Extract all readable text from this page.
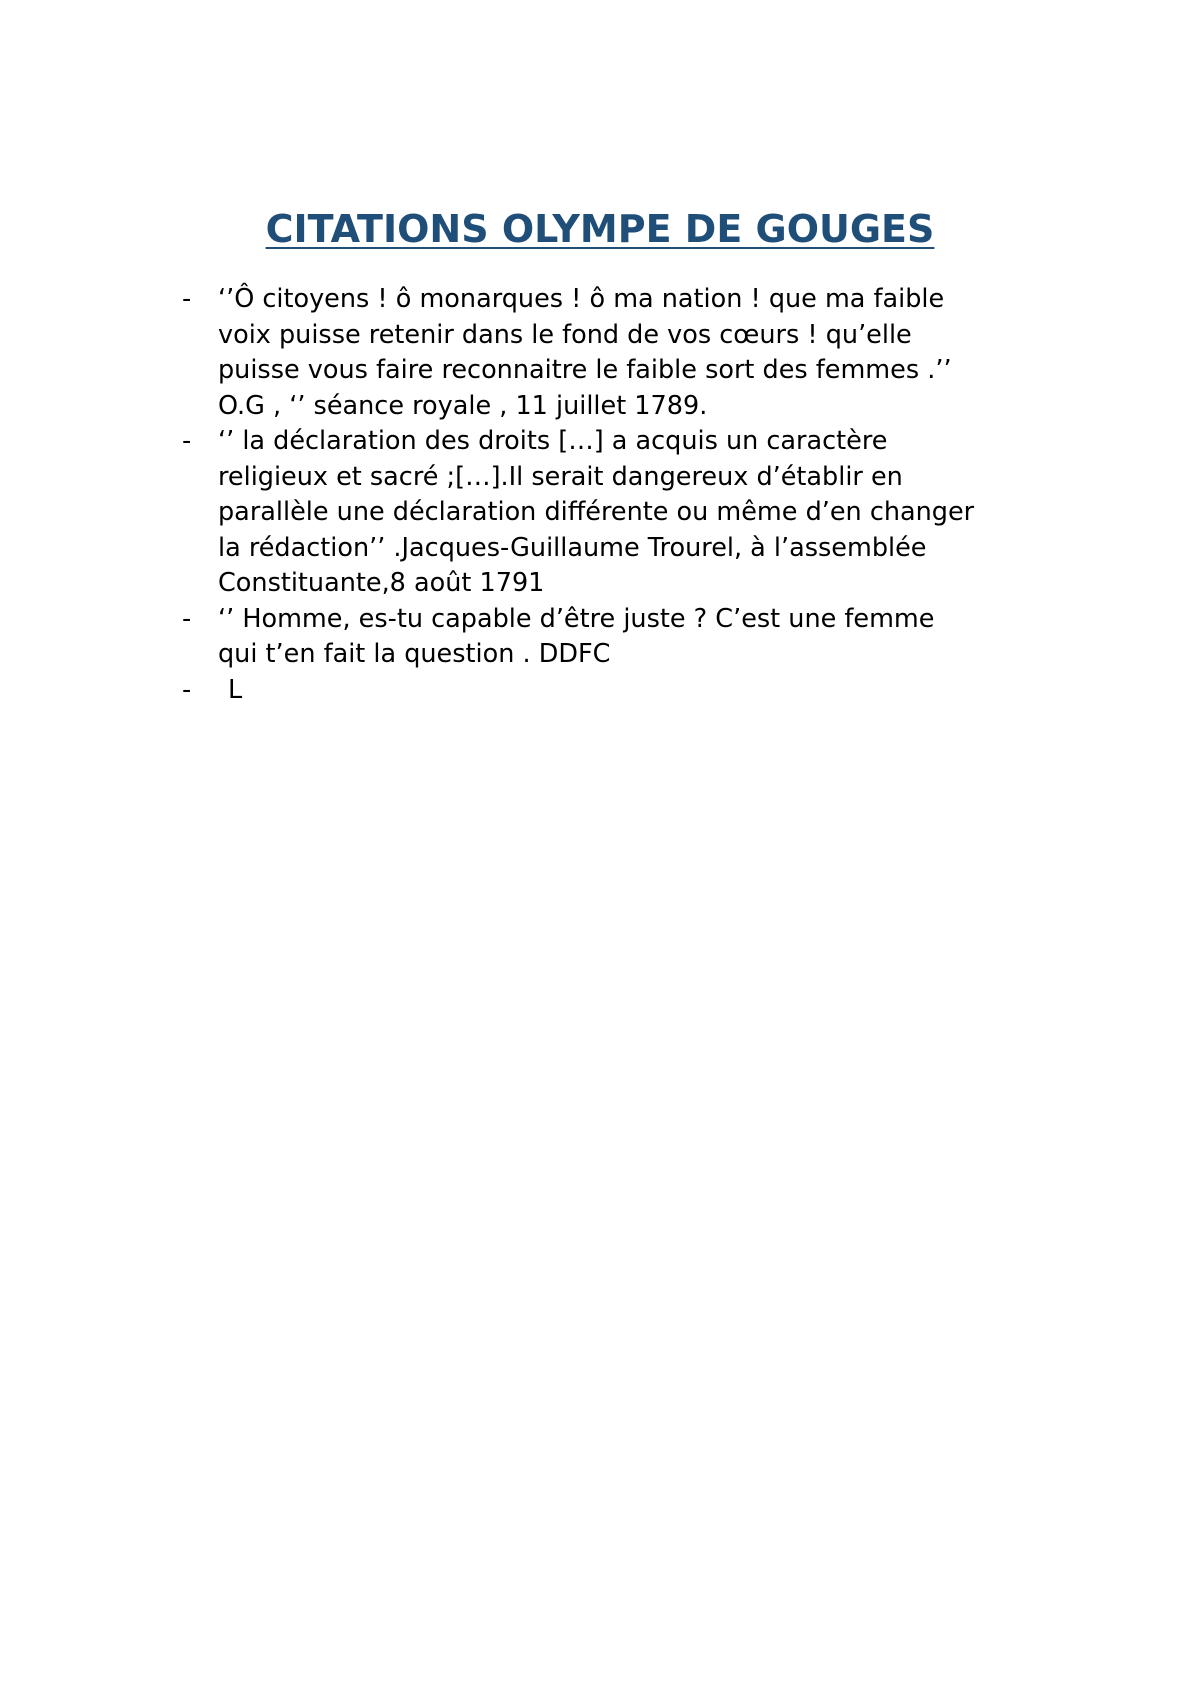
CITATIONS OLYMPE DE GOUGES
- ‘’Ô citoyens ! ô monarques ! ô ma nation ! que ma faible
voix puisse retenir dans le fond de vos cœurs ! qu’elle
puisse vous faire reconnaitre le faible sort des femmes .’’
O.G , ‘’ séance royale , 11 juillet 1789.
- ‘’ la déclaration des droits […] a acquis un caractère
religieux et sacré ;[…].Il serait dangereux d’établir en
parallèle une déclaration différente ou même d’en changer
la rédaction’’ .Jacques-Guillaume Trourel, à l’assemblée
Constituante,8 août 1791
- ‘’ Homme, es-tu capable d’être juste ? C’est une femme
qui t’en fait la question . DDFC
-	L
